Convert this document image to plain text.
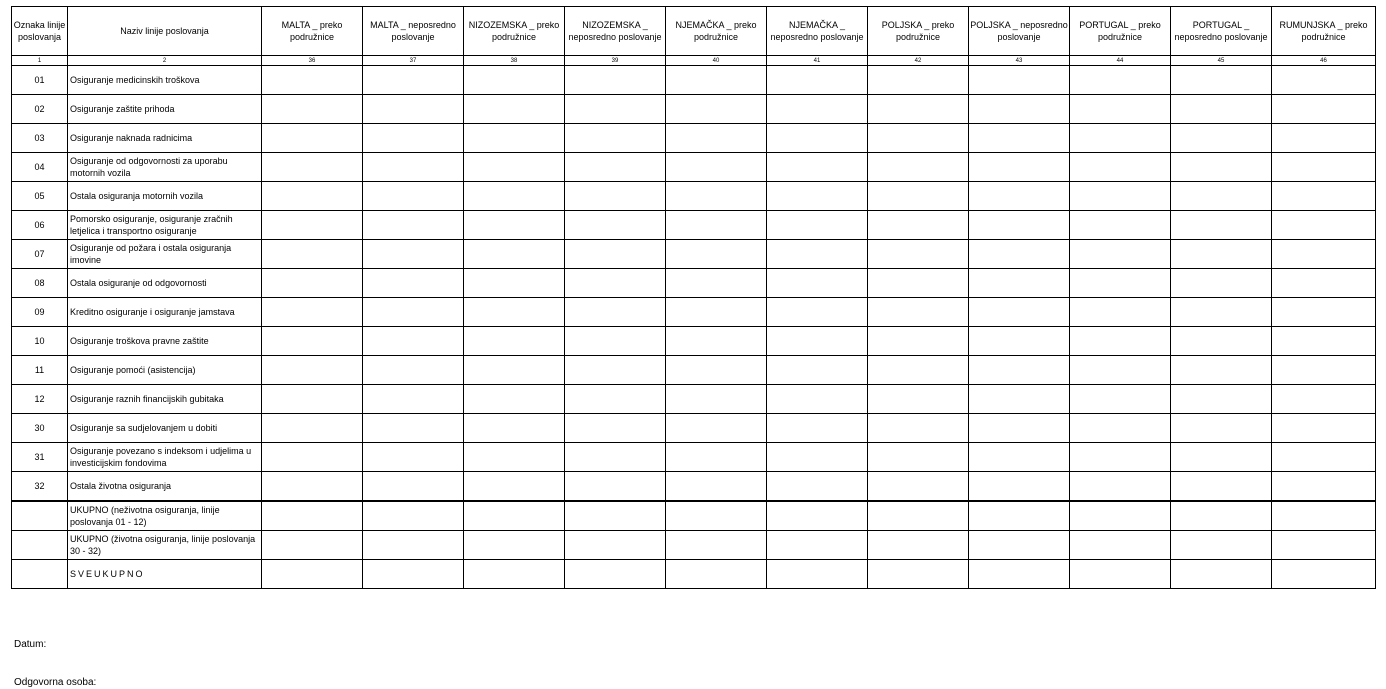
Oznaka linije poslovanja	Naziv linije poslovanja	MALTA _ preko podružnice	MALTA _ neposredno poslovanje	NIZOZEMSKA _ preko podružnice	NIZOZEMSKA _ neposredno poslovanje	NJEMAČKA _ preko podružnice	NJEMAČKA _ neposredno poslovanje	POLJSKA _ preko podružnice	POLJSKA _ neposredno poslovanje	PORTUGAL _ preko podružnice	PORTUGAL _ neposredno poslovanje	RUMUNJSKA _ preko podružnice
1	2	36	37	38	39	40	41	42	43	44	45	46
01	Osiguranje medicinskih troškova											
02	Osiguranje zaštite prihoda											
03	Osiguranje naknada radnicima											
04	Osiguranje od odgovornosti za uporabu motornih vozila											
05	Ostala osiguranja motornih vozila											
06	Pomorsko osiguranje, osiguranje zračnih letjelica i transportno osiguranje											
07	Osiguranje od požara i ostala osiguranja imovine											
08	Ostala osiguranje od odgovornosti											
09	Kreditno osiguranje i osiguranje jamstava											
10	Osiguranje troškova pravne zaštite											
11	Osiguranje pomoći (asistencija)											
12	Osiguranje raznih financijskih gubitaka											
30	Osiguranje sa sudjelovanjem u dobiti											
31	Osiguranje povezano s indeksom i udjelima u investicijskim fondovima											
32	Ostala životna osiguranja											
	UKUPNO (neživotna osiguranja, linije poslovanja 01 - 12)											
	UKUPNO (životna osiguranja, linije poslovanja 30 - 32)											
	SVEUKUPNO											
Datum:
Odgovorna osoba:
